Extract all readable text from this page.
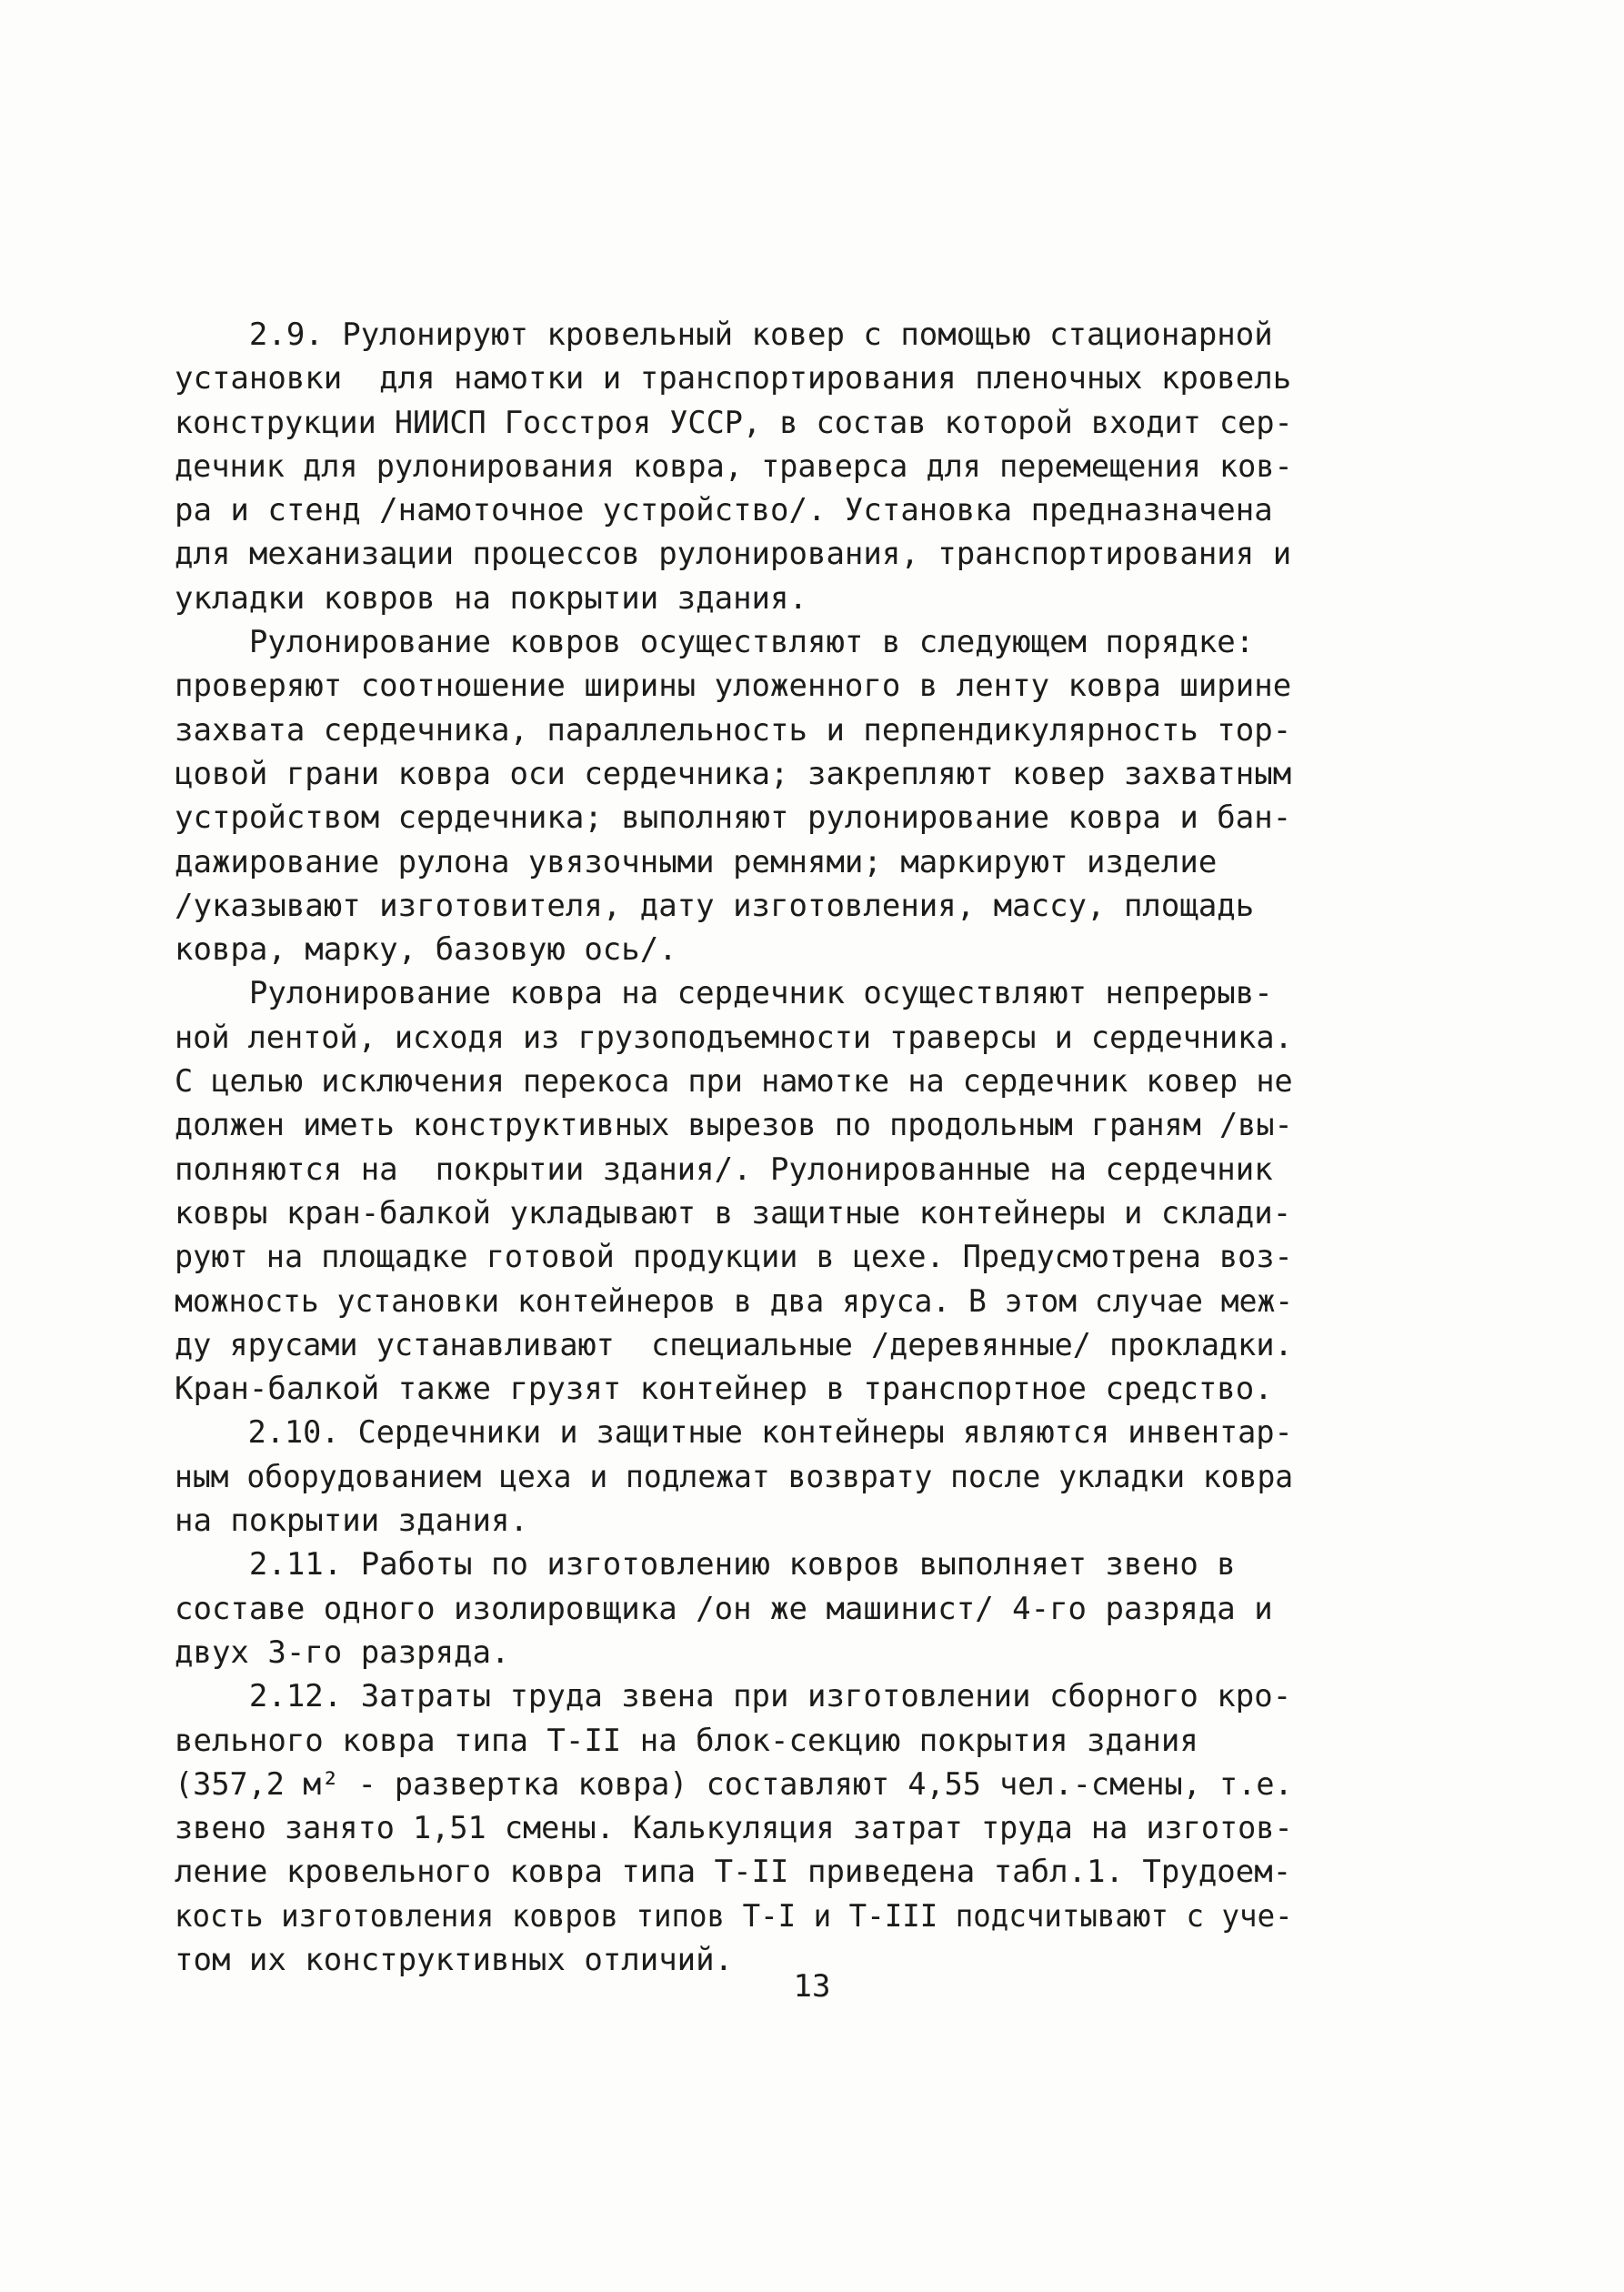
2.9. Рулонируют кровельный ковер с помощью стационарной
установки  для намотки и транспортирования пленочных кровель
конструкции НИИСП Госстроя УССР, в состав которой входит сер-
дечник для рулонирования ковра, траверса для перемещения ков-
ра и стенд /намоточное устройство/. Установка предназначена
для механизации процессов рулонирования, транспортирования и
укладки ковров на покрытии здания.
Рулонирование ковров осуществляют в следующем порядке:
проверяют соотношение ширины уложенного в ленту ковра ширине
захвата сердечника, параллельность и перпендикулярность тор-
цовой грани ковра оси сердечника; закрепляют ковер захватным
устройством сердечника; выполняют рулонирование ковра и бан-
дажирование рулона увязочными ремнями; маркируют изделие
/указывают изготовителя, дату изготовления, массу, площадь
ковра, марку, базовую ось/.
Рулонирование ковра на сердечник осуществляют непрерыв-
ной лентой, исходя из грузоподъемности траверсы и сердечника.
С целью исключения перекоса при намотке на сердечник ковер не
должен иметь конструктивных вырезов по продольным граням /вы-
полняются на  покрытии здания/. Рулонированные на сердечник
ковры кран-балкой укладывают в защитные контейнеры и склади-
руют на площадке готовой продукции в цехе. Предусмотрена воз-
можность установки контейнеров в два яруса. В этом случае меж-
ду ярусами устанавливают  специальные /деревянные/ прокладки.
Кран-балкой также грузят контейнер в транспортное средство.
2.10. Сердечники и защитные контейнеры являются инвентар-
ным оборудованием цеха и подлежат возврату после укладки ковра
на покрытии здания.
2.11. Работы по изготовлению ковров выполняет звено в
составе одного изолировщика /он же машинист/ 4-го разряда и
двух 3-го разряда.
2.12. Затраты труда звена при изготовлении сборного кро-
вельного ковра типа Т-II на блок-секцию покрытия здания
(357,2 м² - развертка ковра) составляют 4,55 чел.-смены, т.е.
звено занято 1,51 смены. Калькуляция затрат труда на изготов-
ление кровельного ковра типа Т-II приведена табл.1. Трудоем-
кость изготовления ковров типов Т-I и Т-III подсчитывают с уче-
том их конструктивных отличий.
13
